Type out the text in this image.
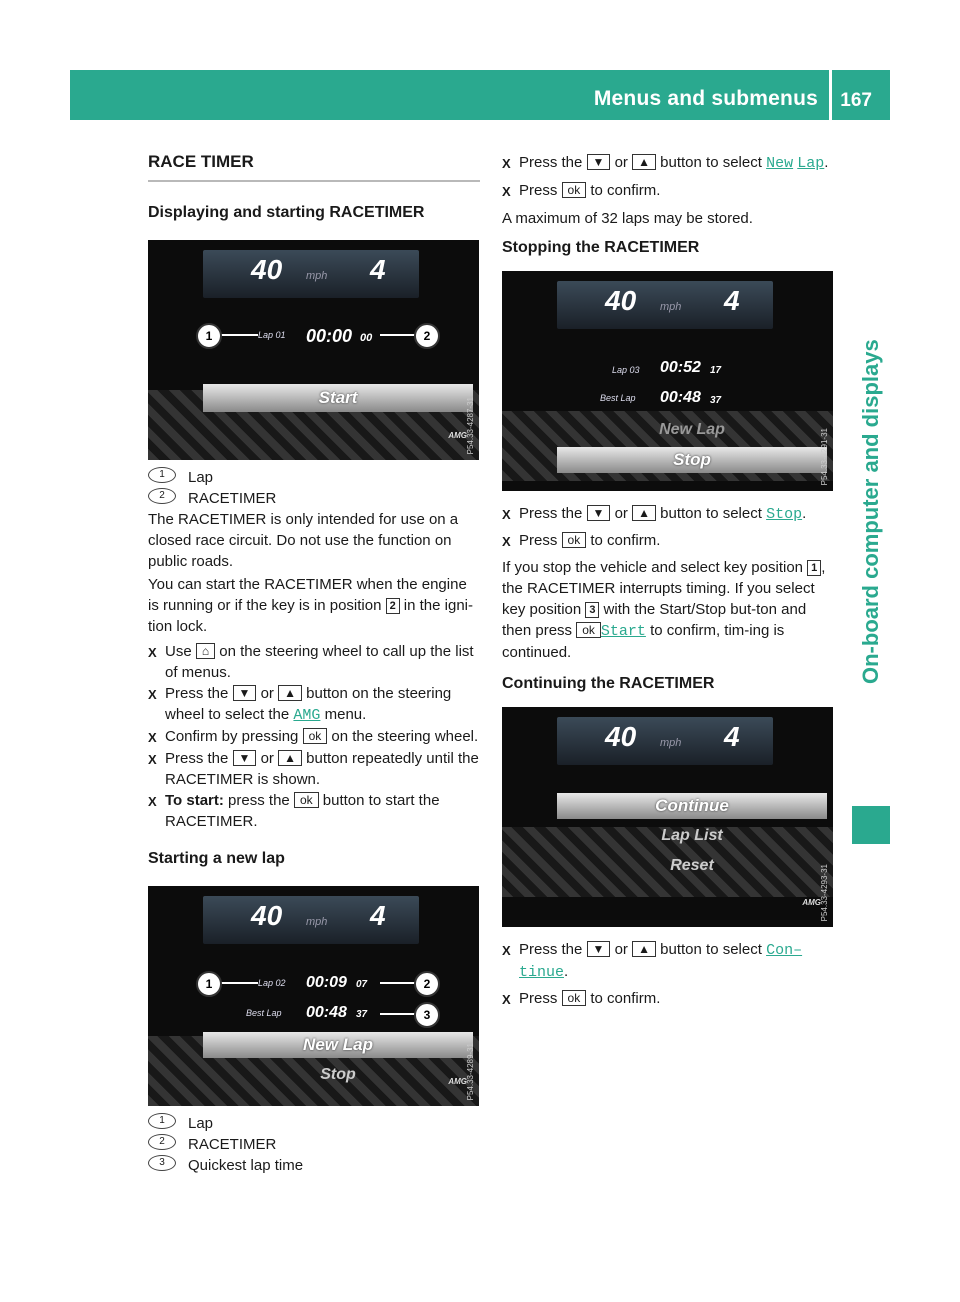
Menus and submenus 167
On-board computer and displays
RACE TIMER
Displaying and starting RACETIMER
40 mph 4
1	Lap 01 00:00 00	2
Start
AMG P54.33-4287-31
1	Lap
2	RACETIMER

The RACETIMER is only intended for use on a closed race circuit. Do not use the function on public roads.

You can start the RACETIMER when the engine is running or if the key is in position 2 in the igni-tion lock.

X Use ⌂ on the steering wheel to call up the list of menus.
X Press the ▼ or ▲ button on the steering wheel to select the AMG menu.
X Confirm by pressing ok on the steering wheel.
X Press the ▼ or ▲ button repeatedly until the RACETIMER is shown.
X To start: press the ok button to start the RACETIMER.
Starting a new lap
40 mph 4
1	Lap 02 00:09 07	2
Best Lap 00:48 37	3
New Lap
Stop	AMG P54.33-4289-31
1	Lap
2	RACETIMER
3	Quickest lap time
X Press the ▼ or ▲ button to select New Lap.
X Press ok to confirm.

A maximum of 32 laps may be stored.

Stopping the RACETIMER
40 mph 4
Lap 03 00:52 17
Best Lap 00:48 37
New Lap
Stop	P54.33-4291-31
X Press the ▼ or ▲ button to select Stop.
X Press ok to confirm.

If you stop the vehicle and select key position 1 , the RACETIMER interrupts timing. If you select key position 3 with the Start/Stop but-ton and then press ok Start to confirm, tim-ing is continued.

Continuing the RACETIMER
40 mph 4
Continue
Lap List
Reset
AMG P54.33-4293-31
X Press the ▼ or ▲ button to select Con– tinue.
X Press ok to confirm.
